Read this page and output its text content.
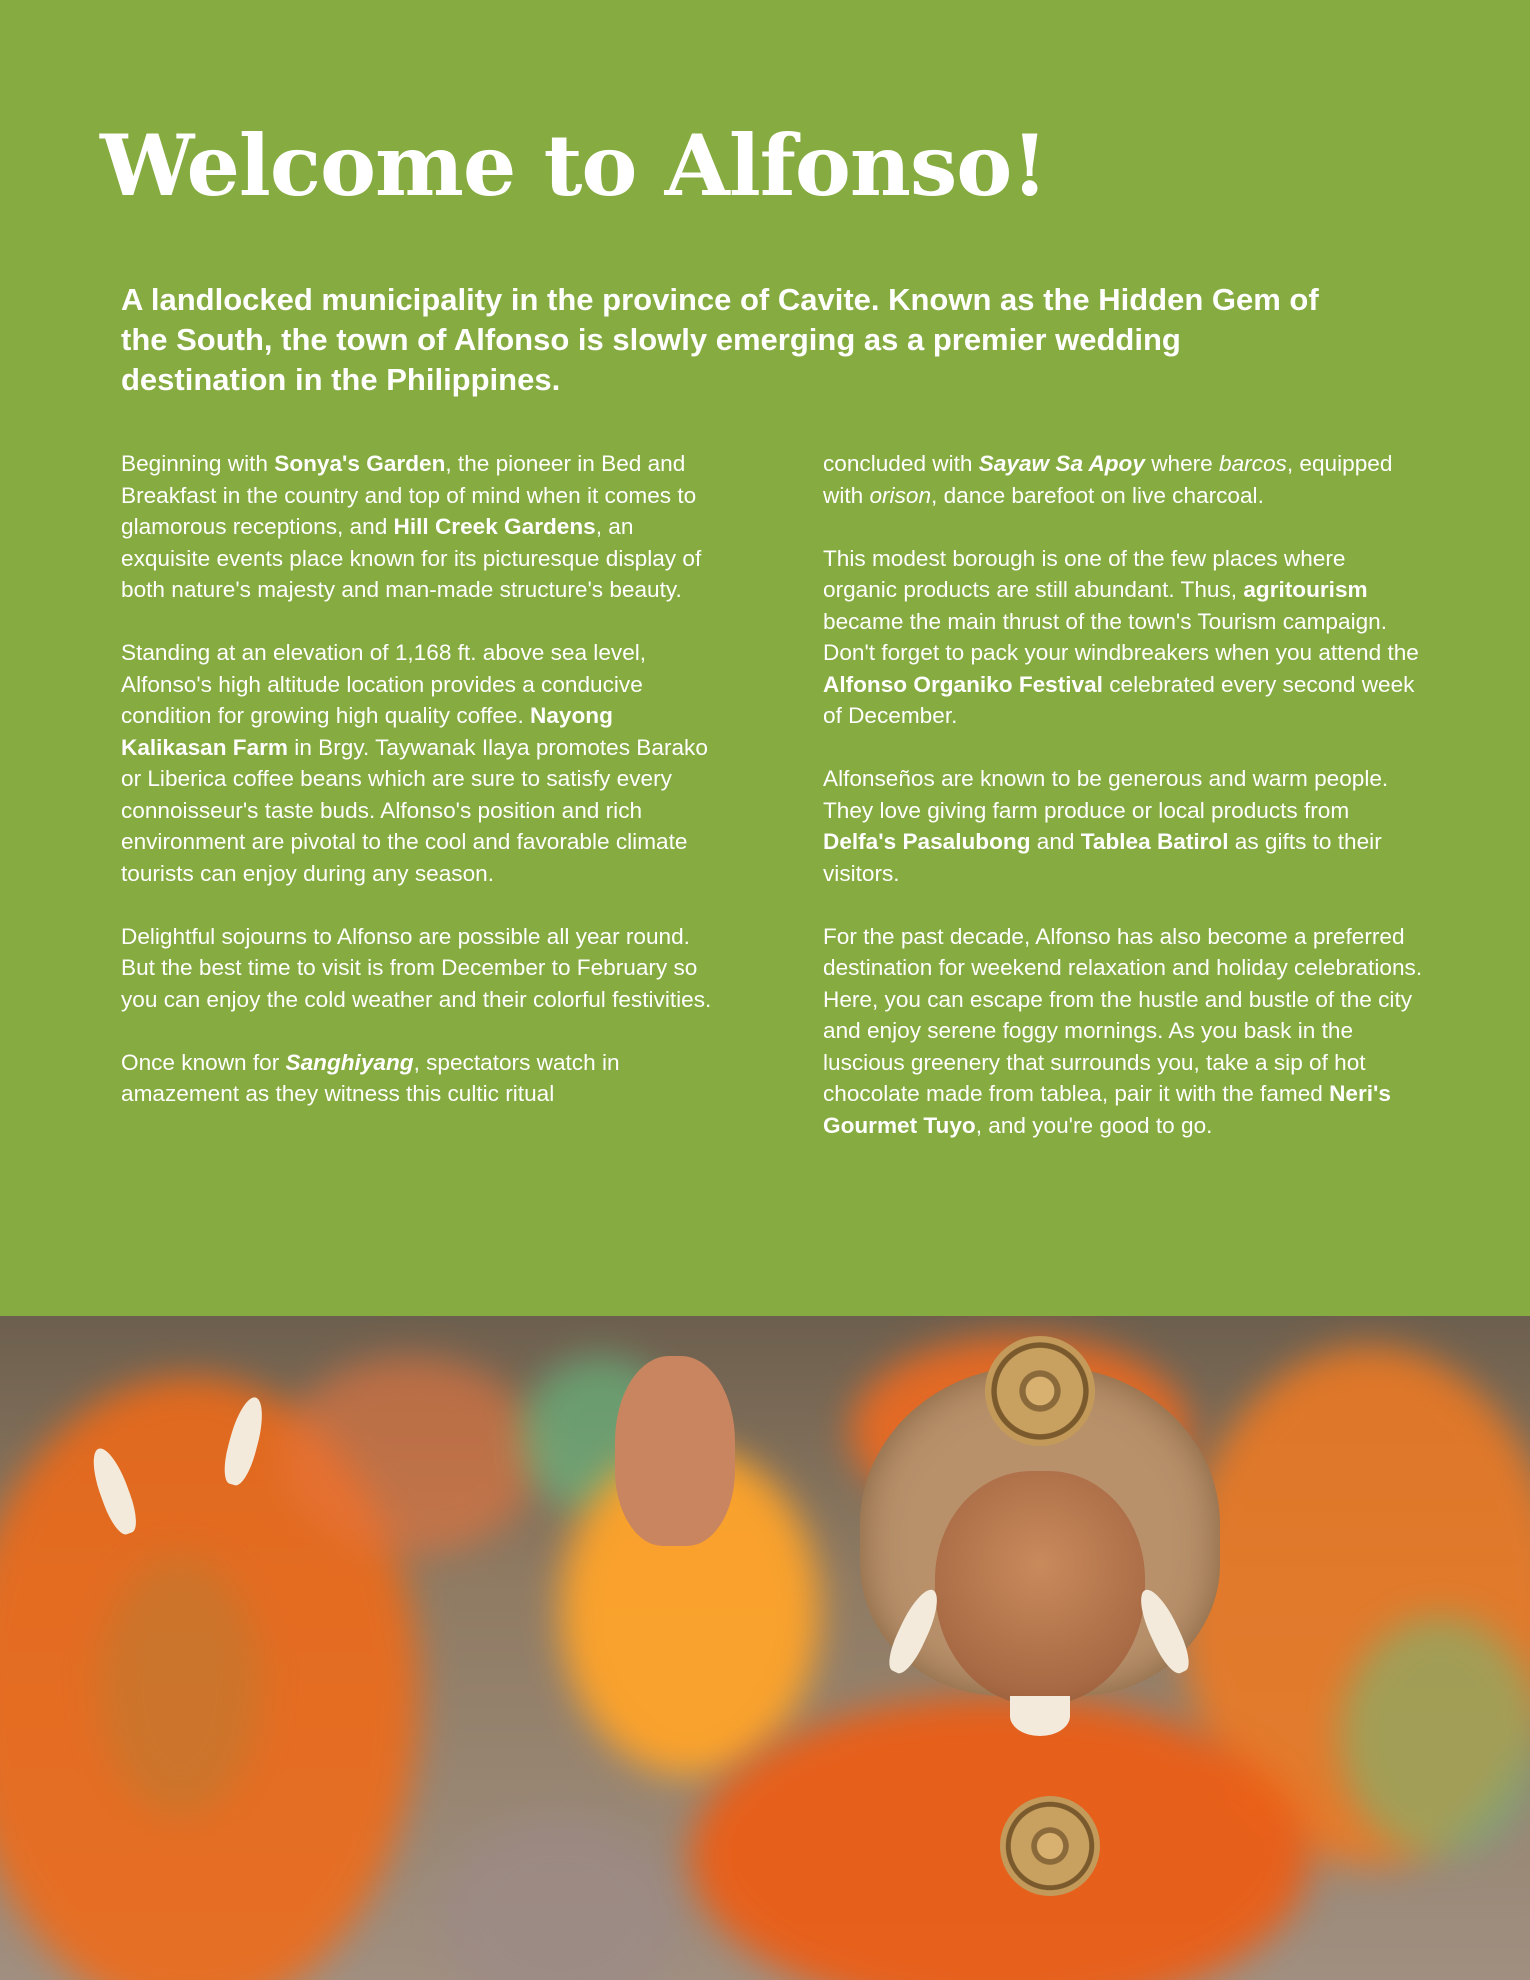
Welcome to Alfonso!

A landlocked municipality in the province of Cavite. Known as the Hidden Gem of the South, the town of Alfonso is slowly emerging as a premier wedding destination in the Philippines.

Beginning with Sonya's Garden, the pioneer in Bed and Breakfast in the country and top of mind when it comes to glamorous receptions, and Hill Creek Gardens, an exquisite events place known for its picturesque display of both nature's majesty and man-made structure's beauty.

Standing at an elevation of 1,168 ft. above sea level, Alfonso's high altitude location provides a conducive condition for growing high quality coffee. Nayong Kalikasan Farm in Brgy. Taywanak Ilaya promotes Barako or Liberica coffee beans which are sure to satisfy every connoisseur's taste buds. Alfonso's position and rich environment are pivotal to the cool and favorable climate tourists can enjoy during any season.

Delightful sojourns to Alfonso are possible all year round. But the best time to visit is from December to February so you can enjoy the cold weather and their colorful festivities.

Once known for Sanghiyang, spectators watch in amazement as they witness this cultic ritual

concluded with Sayaw Sa Apoy where barcos, equipped with orison, dance barefoot on live charcoal.

This modest borough is one of the few places where organic products are still abundant. Thus, agritourism became the main thrust of the town's Tourism campaign. Don't forget to pack your windbreakers when you attend the Alfonso Organiko Festival celebrated every second week of December.

Alfonseños are known to be generous and warm people. They love giving farm produce or local products from Delfa's Pasalubong and Tablea Batirol as gifts to their visitors.

For the past decade, Alfonso has also become a preferred destination for weekend relaxation and holiday celebrations. Here, you can escape from the hustle and bustle of the city and enjoy serene foggy mornings. As you bask in the luscious greenery that surrounds you, take a sip of hot chocolate made from tablea, pair it with the famed Neri's Gourmet Tuyo, and you're good to go.
